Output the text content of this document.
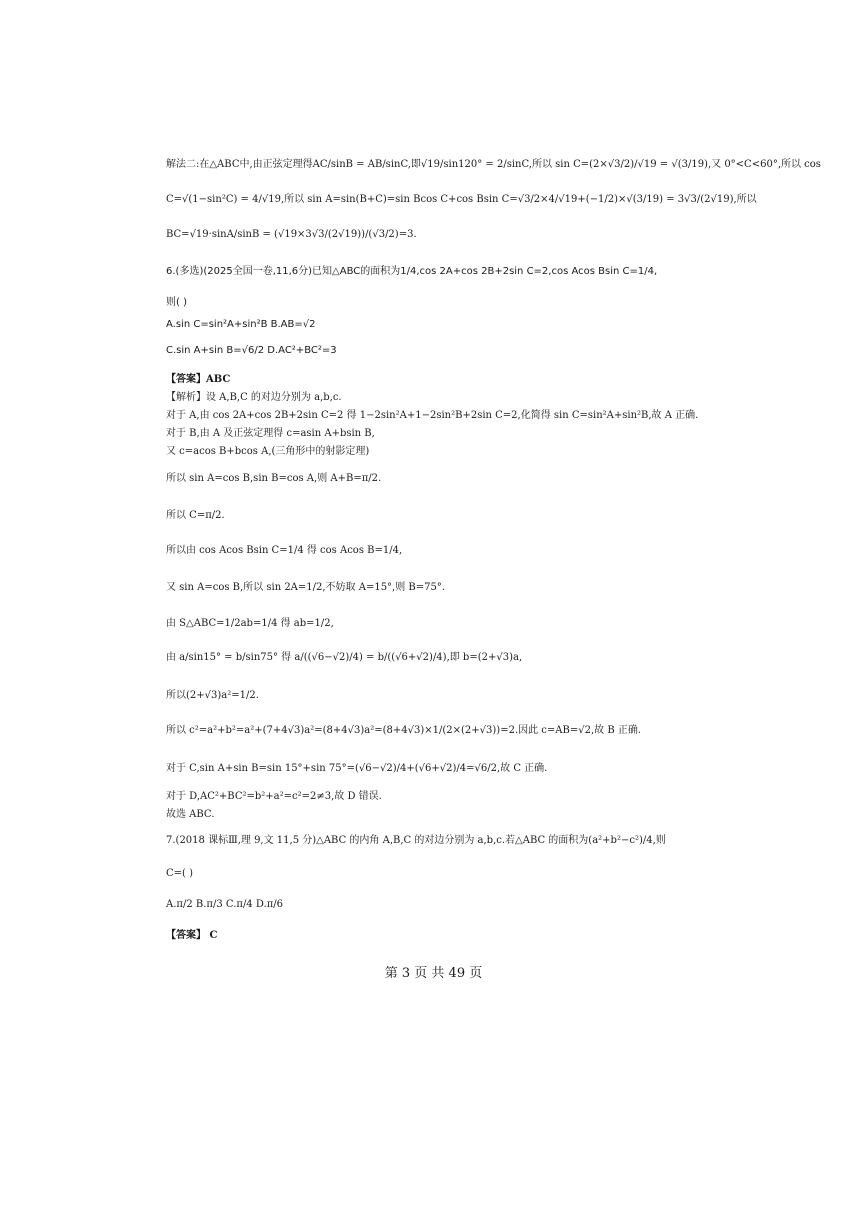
解法二:在△ABC中,由正弦定理得AC/sinB = AB/sinC,即√19/sin120° = 2/sinC,所以 sin C=(2×√3/2)/√19 = √(3/19),又 0°<C<60°,所以 cos
C=√(1−sin²C) = 4/√19,所以 sin A=sin(B+C)=sin Bcos C+cos Bsin C=√3/2×4/√19+(−1/2)×√(3/19) = 3√3/(2√19),所以
BC=√19·sinA/sinB = (√19×3√3/(2√19))/(√3/2)=3.
6.(多选)(2025全国一卷,11,6分)已知△ABC的面积为1/4,cos 2A+cos 2B+2sin C=2,cos Acos Bsin C=1/4,
则( )
A.sin C=sin²A+sin²B B.AB=√2
C.sin A+sin B=√6/2 D.AC²+BC²=3
【答案】ABC
【解析】设 A,B,C 的对边分别为 a,b,c.
对于 A,由 cos 2A+cos 2B+2sin C=2 得 1−2sin²A+1−2sin²B+2sin C=2,化简得 sin C=sin²A+sin²B,故 A 正确.
对于 B,由 A 及正弦定理得 c=asin A+bsin B,
又 c=acos B+bcos A,(三角形中的射影定理)
所以 sin A=cos B,sin B=cos A,则 A+B=π/2.
所以 C=π/2.
所以由 cos Acos Bsin C=1/4 得 cos Acos B=1/4,
又 sin A=cos B,所以 sin 2A=1/2,不妨取 A=15°,则 B=75°.
由 S△ABC=1/2ab=1/4 得 ab=1/2,
由 a/sin15° = b/sin75° 得 a/((√6−√2)/4) = b/((√6+√2)/4),即 b=(2+√3)a,
所以(2+√3)a²=1/2.
所以 c²=a²+b²=a²+(7+4√3)a²=(8+4√3)a²=(8+4√3)×1/(2×(2+√3))=2.因此 c=AB=√2,故 B 正确.
对于 C,sin A+sin B=sin 15°+sin 75°=(√6−√2)/4+(√6+√2)/4=√6/2,故 C 正确.
对于 D,AC²+BC²=b²+a²=c²=2≠3,故 D 错误.
故选 ABC.
7.(2018 课标Ⅲ,理 9,文 11,5 分)△ABC 的内角 A,B,C 的对边分别为 a,b,c.若△ABC 的面积为(a²+b²−c²)/4,则
C=( )
A.π/2 B.π/3 C.π/4 D.π/6
【答案】 C
第 3 页 共 49 页
